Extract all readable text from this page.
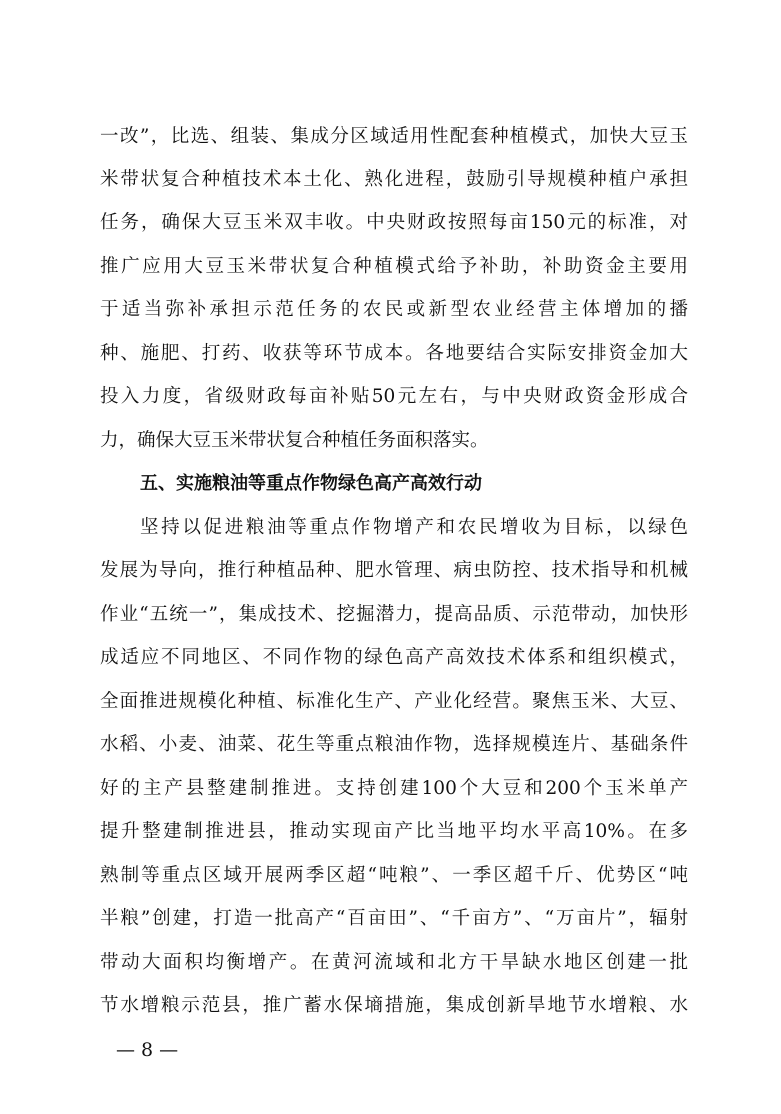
一改”，比选、组装、集成分区域适用性配套种植模式，加快大豆玉
米带状复合种植技术本土化、熟化进程，鼓励引导规模种植户承担
任务，确保大豆玉米双丰收。中央财政按照每亩150元的标准，对
推广应用大豆玉米带状复合种植模式给予补助，补助资金主要用
于适当弥补承担示范任务的农民或新型农业经营主体增加的播
种、施肥、打药、收获等环节成本。各地要结合实际安排资金加大
投入力度，省级财政每亩补贴50元左右，与中央财政资金形成合
力，确保大豆玉米带状复合种植任务面积落实。
五、实施粮油等重点作物绿色高产高效行动
坚持以促进粮油等重点作物增产和农民增收为目标，以绿色
发展为导向，推行种植品种、肥水管理、病虫防控、技术指导和机械
作业“五统一”，集成技术、挖掘潜力，提高品质、示范带动，加快形
成适应不同地区、不同作物的绿色高产高效技术体系和组织模式，
全面推进规模化种植、标准化生产、产业化经营。聚焦玉米、大豆、
水稻、小麦、油菜、花生等重点粮油作物，选择规模连片、基础条件
好的主产县整建制推进。支持创建100个大豆和200个玉米单产
提升整建制推进县，推动实现亩产比当地平均水平高10%。在多
熟制等重点区域开展两季区超“吨粮”、一季区超千斤、优势区“吨
半粮”创建，打造一批高产“百亩田”、“千亩方”、“万亩片”，辐射
带动大面积均衡增产。在黄河流域和北方干旱缺水地区创建一批
节水增粮示范县，推广蓄水保墒措施，集成创新旱地节水增粮、水
— 8 —
